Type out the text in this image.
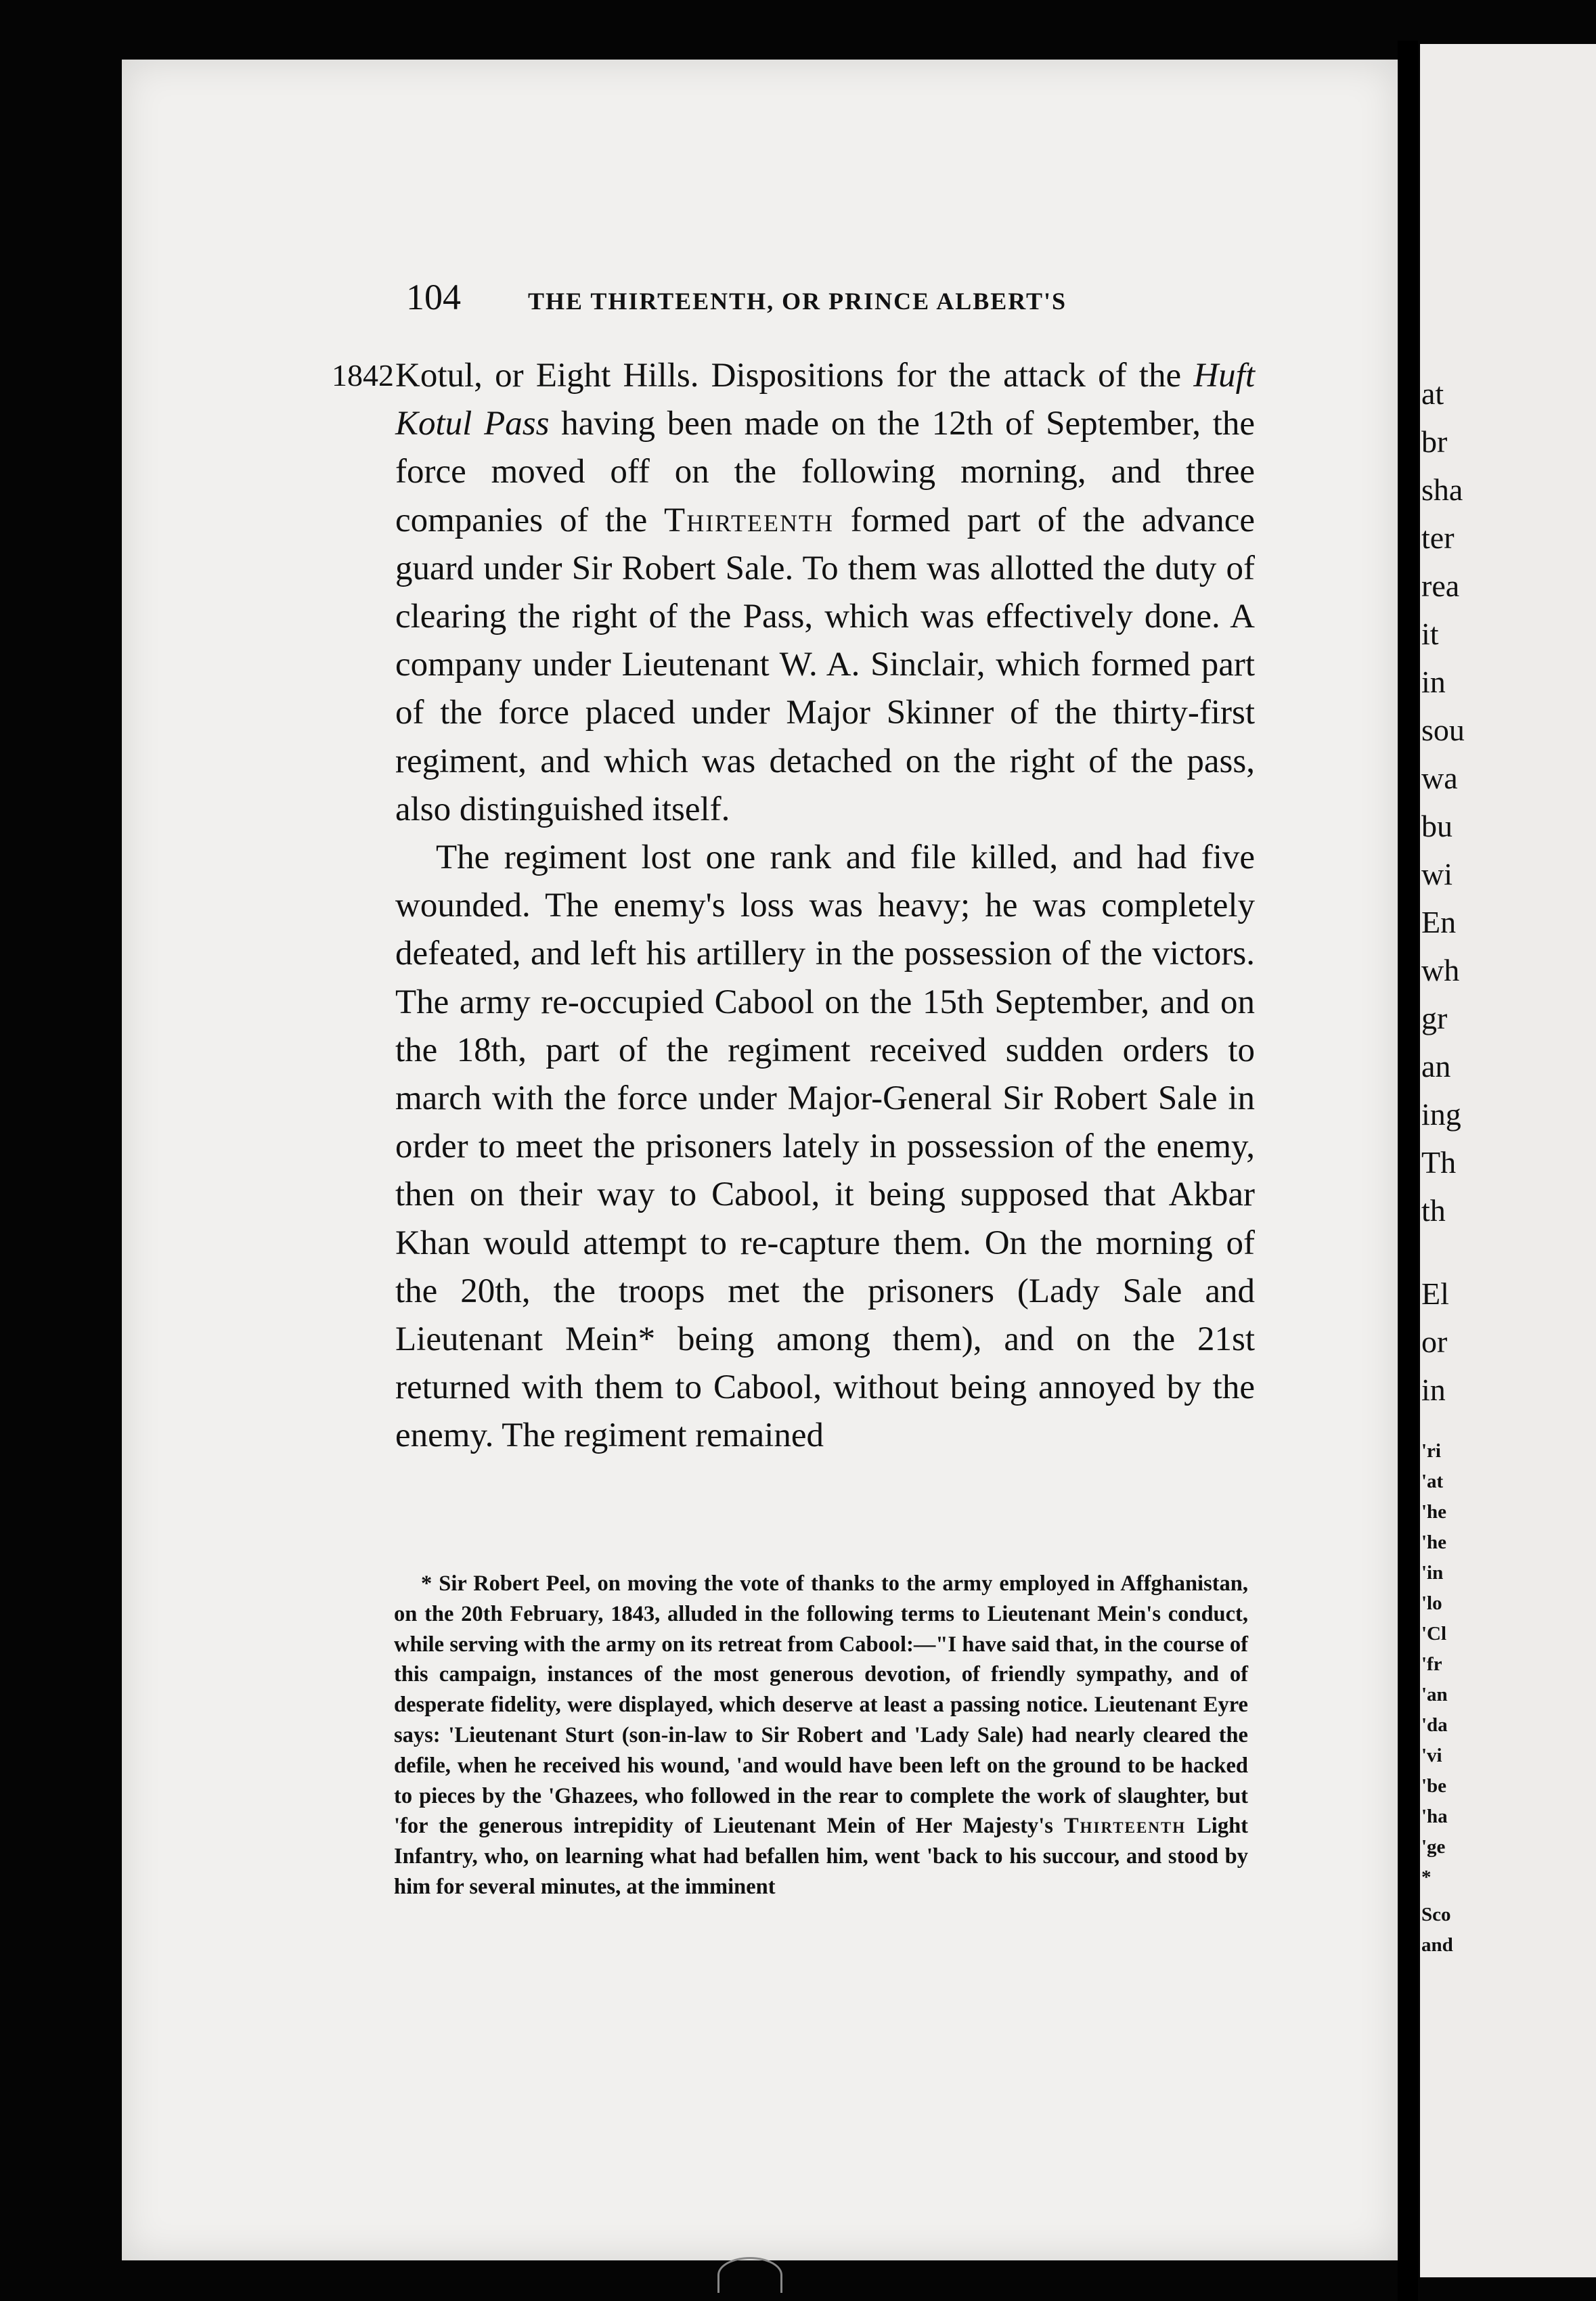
at
br
sha
ter
rea
it
in
sou
wa
bu
wi
En
wh
gr
an
ing
Th
th
El
or
in
'ri
'at
'he
'he
'in
'lo
'Cl
'fr
'an
'da
'vi
'be
'ha
'ge
*
Sco
and
104	THE THIRTEENTH, OR PRINCE ALBERT'S
1842 Kotul, or Eight Hills. Dispositions for the attack of the Huft Kotul Pass having been made on the 12th of September, the force moved off on the following morning, and three companies of the Thirteenth formed part of the advance guard under Sir Robert Sale. To them was allotted the duty of clearing the right of the Pass, which was effectively done. A company under Lieutenant W. A. Sinclair, which formed part of the force placed under Major Skinner of the thirty-first regiment, and which was detached on the right of the pass, also distinguished itself.

The regiment lost one rank and file killed, and had five wounded. The enemy's loss was heavy; he was completely defeated, and left his artillery in the possession of the victors. The army re-occupied Cabool on the 15th September, and on the 18th, part of the regiment received sudden orders to march with the force under Major-General Sir Robert Sale in order to meet the prisoners lately in possession of the enemy, then on their way to Cabool, it being supposed that Akbar Khan would attempt to re-capture them. On the morning of the 20th, the troops met the prisoners (Lady Sale and Lieutenant Mein* being among them), and on the 21st returned with them to Cabool, without being annoyed by the enemy. The regiment remained

* Sir Robert Peel, on moving the vote of thanks to the army employed in Affghanistan, on the 20th February, 1843, alluded in the following terms to Lieutenant Mein's conduct, while serving with the army on its retreat from Cabool:—"I have said that, in the course of this campaign, instances of the most generous devotion, of friendly sympathy, and of desperate fidelity, were displayed, which deserve at least a passing notice. Lieutenant Eyre says: 'Lieutenant Sturt (son-in-law to Sir Robert and 'Lady Sale) had nearly cleared the defile, when he received his wound, 'and would have been left on the ground to be hacked to pieces by the 'Ghazees, who followed in the rear to complete the work of slaughter, but 'for the generous intrepidity of Lieutenant Mein of Her Majesty's Thirteenth Light Infantry, who, on learning what had befallen him, went 'back to his succour, and stood by him for several minutes, at the imminent
